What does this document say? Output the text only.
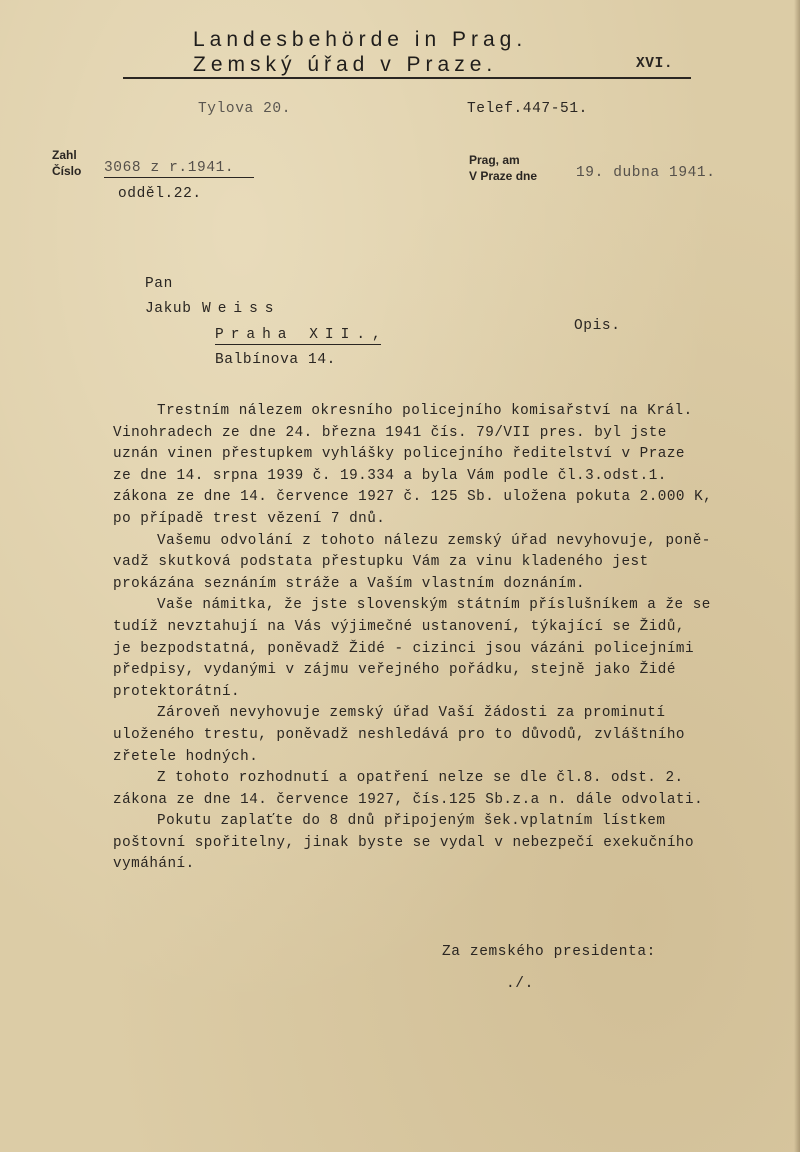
Landesbehörde in Prag.
Zemský úřad v Praze.	XVI.
Tylova 20.	Telef.447-51.
Zahl
Číslo 3068 z r.1941.
odděl.22.
Prag, am
V Praze dne	19. dubna 1941.
Pan
Jakub Weiss
Praha XII.,
Balbínova 14.
Opis.
Trestním nálezem okresního policejního komisařství na Král.
Vinohradech ze dne 24. března 1941 čís. 79/VII pres. byl jste
uznán vinen přestupkem vyhlášky policejního ředitelství v Praze
ze dne 14. srpna 1939 č. 19.334 a byla Vám podle čl.3.odst.1.
zákona ze dne 14. července 1927 č. 125 Sb. uložena pokuta 2.000 K,
po případě trest vězení 7 dnů.
Vašemu odvolání z tohoto nálezu zemský úřad nevyhovuje, poně-
vadž skutková podstata přestupku Vám za vinu kladeného jest
prokázána seznáním stráže a Vaším vlastním doznáním.
Vaše námitka, že jste slovenským státním příslušníkem a že se
tudíž nevztahují na Vás výjimečné ustanovení, týkající se Židů,
je bezpodstatná, poněvadž Židé - cizinci jsou vázáni policejními
předpisy, vydanými v zájmu veřejného pořádku, stejně jako Židé
protektorátní.
Zároveň nevyhovuje zemský úřad Vaší žádosti za prominutí
uloženého trestu, poněvadž neshledává pro to důvodů, zvláštního
zřetele hodných.
Z tohoto rozhodnutí a opatření nelze se dle čl.8. odst. 2.
zákona ze dne 14. července 1927, čís.125 Sb.z.a n. dále odvolati.
Pokutu zaplaťte do 8 dnů připojeným šek.vplatním lístkem
poštovní spořitelny, jinak byste se vydal v nebezpečí exekučního
vymáhání.
Za zemského presidenta:
./.
